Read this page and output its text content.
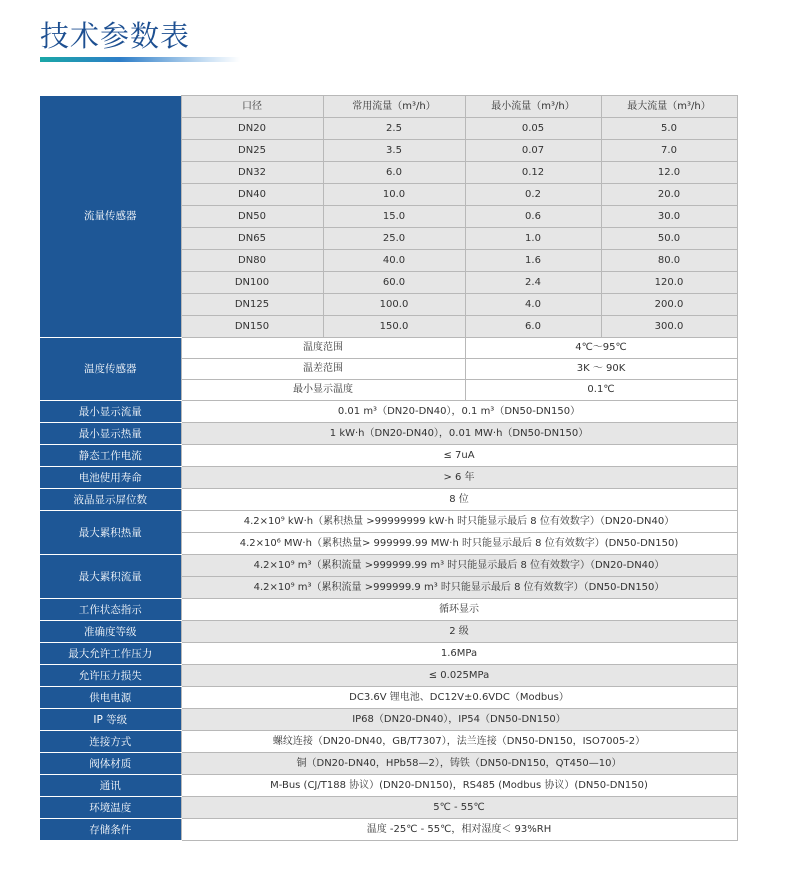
技术参数表
流量传感器	口径	常用流量（m³/h）	最小流量（m³/h）	最大流量（m³/h）
	DN20	2.5	0.05	5.0
	DN25	3.5	0.07	7.0
	DN32	6.0	0.12	12.0
	DN40	10.0	0.2	20.0
	DN50	15.0	0.6	30.0
	DN65	25.0	1.0	50.0
	DN80	40.0	1.6	80.0
	DN100	60.0	2.4	120.0
	DN125	100.0	4.0	200.0
	DN150	150.0	6.0	300.0
温度传感器	温度范围		4℃～95℃	
	温差范围		3K ～ 90K	
	最小显示温度		0.1℃	
最小显示流量	0.01 m³（DN20-DN40），0.1 m³（DN50-DN150）			
最小显示热量	1 kW·h（DN20-DN40），0.01 MW·h（DN50-DN150）			
静态工作电流	≤ 7uA			
电池使用寿命	> 6 年			
液晶显示屏位数	8 位			
最大累积热量	4.2×10⁹ kW·h（累积热量 >99999999 kW·h 时只能显示最后 8 位有效数字）（DN20-DN40）			
	4.2×10⁶ MW·h（累积热量> 999999.99 MW·h 时只能显示最后 8 位有效数字）(DN50-DN150)			
最大累积流量	4.2×10⁹ m³（累积流量 >999999.99 m³ 时只能显示最后 8 位有效数字）（DN20-DN40）			
	4.2×10⁹ m³（累积流量 >999999.9 m³ 时只能显示最后 8 位有效数字）（DN50-DN150）			
工作状态指示	循环显示			
准确度等级	2 级			
最大允许工作压力	1.6MPa			
允许压力损失	≤ 0.025MPa			
供电电源	DC3.6V 锂电池、DC12V±0.6VDC（Modbus）			
IP 等级	IP68（DN20-DN40），IP54（DN50-DN150）			
连接方式	螺纹连接（DN20-DN40，GB/T7307），法兰连接（DN50-DN150，ISO7005-2）			
阀体材质	铜（DN20-DN40，HPb58—2），铸铁（DN50-DN150，QT450—10）			
通讯	M-Bus (CJ/T188 协议）(DN20-DN150)，RS485 (Modbus 协议）(DN50-DN150)			
环境温度	5℃ - 55℃			
存储条件	温度 -25℃ - 55℃，相对湿度＜ 93%RH			
